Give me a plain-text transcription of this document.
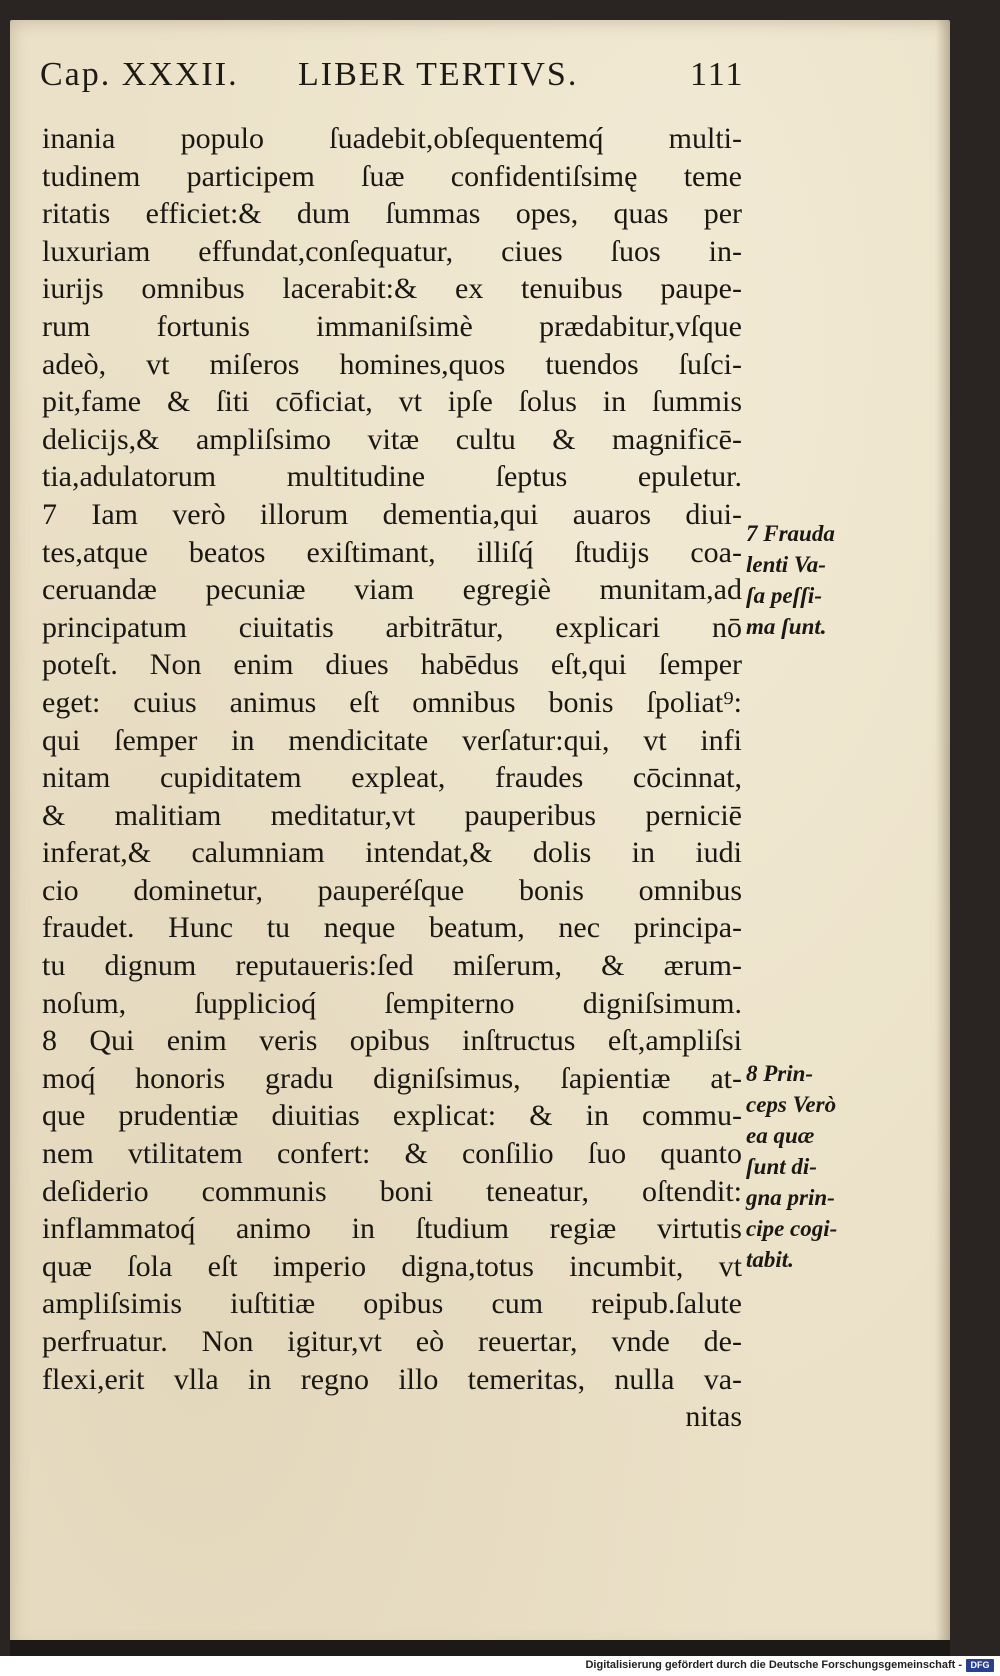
Cap. XXXII. LIBER TERTIVS.	111
inania populo ſuadebit,obſequentemq́ multi-
tudinem participem ſuæ confidentiſsimę teme
ritatis efficiet:& dum ſummas opes, quas per
luxuriam effundat,conſequatur, ciues ſuos in-
iurijs omnibus lacerabit:& ex tenuibus paupe-
rum fortunis immaniſsimè prædabitur,vſque
adeò, vt miſeros homines,quos tuendos ſuſci-
pit,fame & ſiti cōficiat, vt ipſe ſolus in ſummis
delicijs,& ampliſsimo vitæ cultu & magnificē-
tia,adulatorum multitudine ſeptus epuletur.
7 Iam verò illorum dementia,qui auaros diui-
tes,atque beatos exiſtimant, illiſq́ ſtudijs coa-
ceruandæ pecuniæ viam egregiè munitam,ad
principatum ciuitatis arbitrātur, explicari nō
poteſt. Non enim diues habēdus eſt,qui ſemper
eget: cuius animus eſt omnibus bonis ſpoliat⁹:
qui ſemper in mendicitate verſatur:qui, vt infi
nitam cupiditatem expleat, fraudes cōcinnat,
& malitiam meditatur,vt pauperibus perniciē
inferat,& calumniam intendat,& dolis in iudi
cio dominetur, pauperéſque bonis omnibus
fraudet. Hunc tu neque beatum, nec principa-
tu dignum reputaueris:ſed miſerum, & ærum-
noſum, ſupplicioq́ ſempiterno digniſsimum.
8 Qui enim veris opibus inſtructus eſt,ampliſsi
moq́ honoris gradu digniſsimus, ſapientiæ at-
que prudentiæ diuitias explicat: & in commu-
nem vtilitatem confert: & conſilio ſuo quanto
deſiderio communis boni teneatur, oſtendit:
inflammatoq́ animo in ſtudium regiæ virtutis
quæ ſola eſt imperio digna,totus incumbit, vt
ampliſsimis iuſtitiæ opibus cum reipub.ſalute
perfruatur. Non igitur,vt eò reuertar, vnde de-
flexi,erit vlla in regno illo temeritas, nulla va-
nitas
7 Frauda
lenti Va-
ſa peſſi-
ma ſunt.
8 Prin-
ceps Verò
ea quæ
ſunt di-
gna prin-
cipe cogi-
tabit.
Digitalisierung gefördert durch die Deutsche Forschungsgemeinschaft - DFG
